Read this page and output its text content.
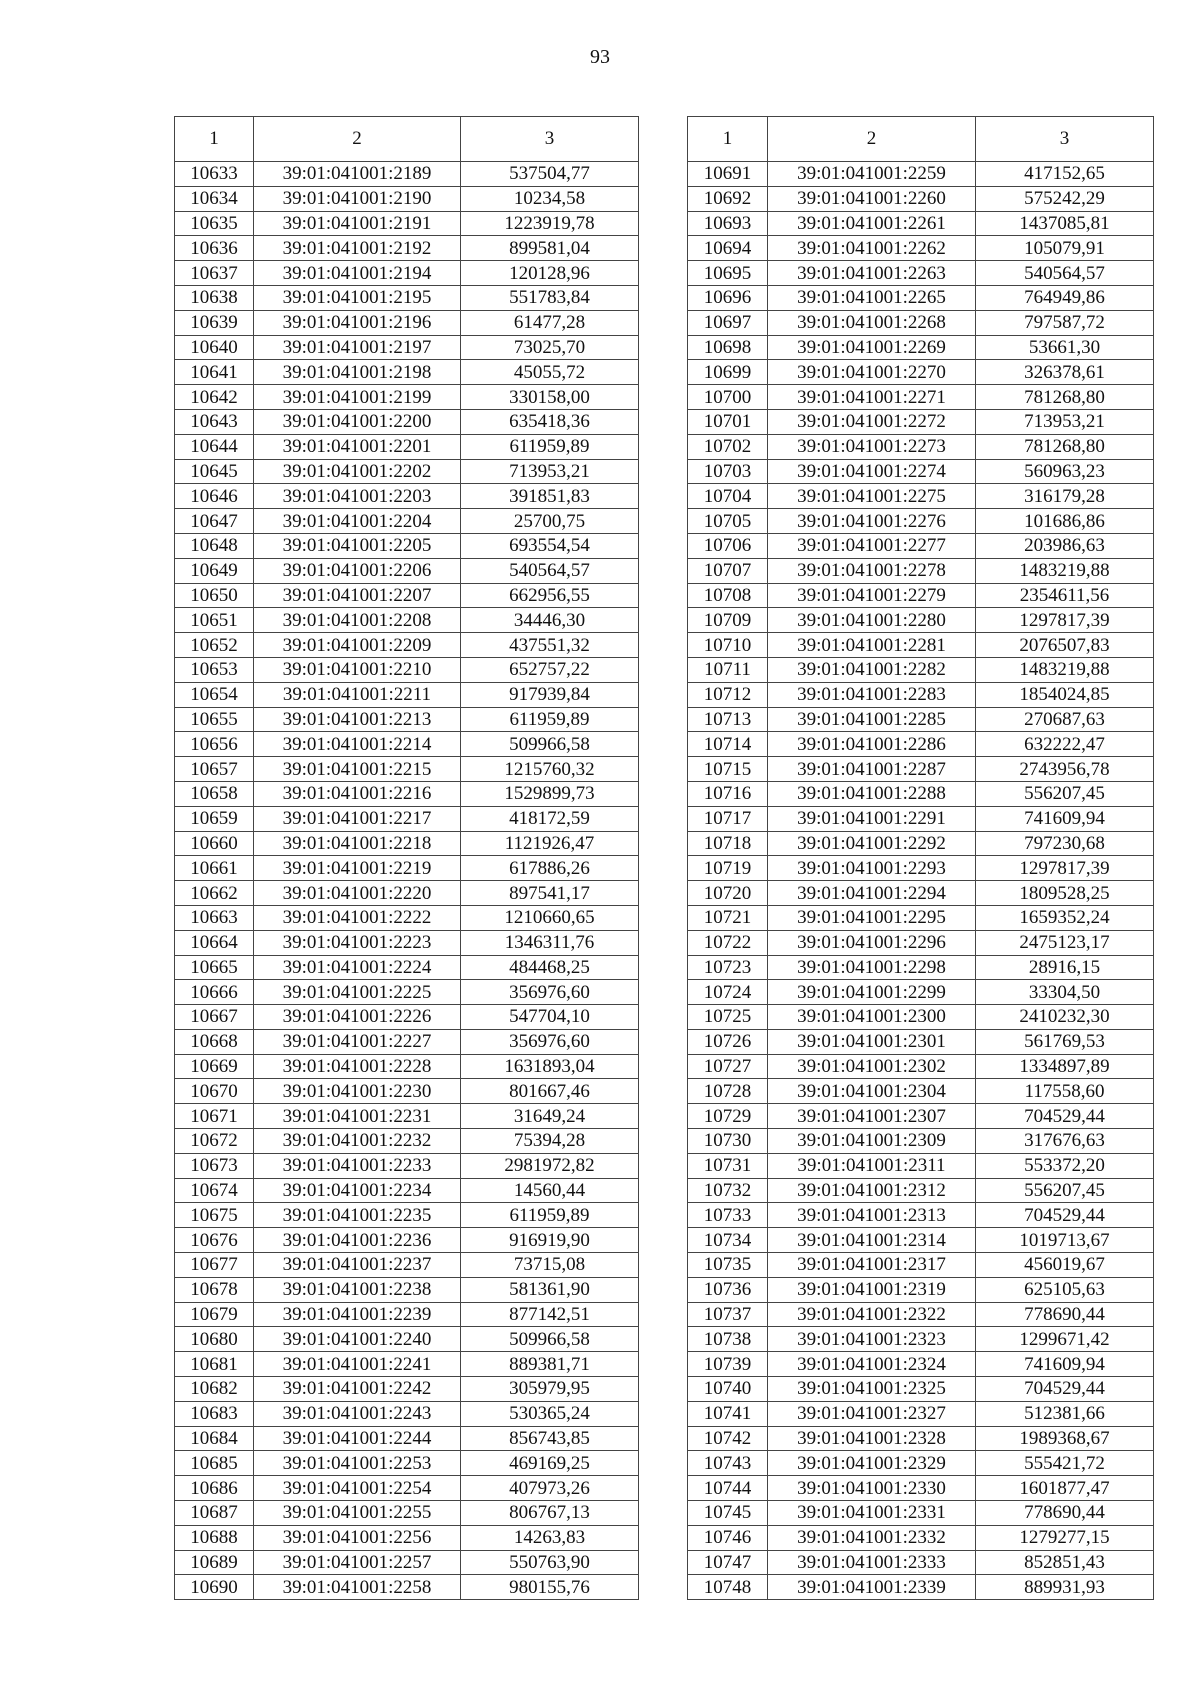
93
1	2	3
10633	39:01:041001:2189	537504,77
10634	39:01:041001:2190	10234,58
10635	39:01:041001:2191	1223919,78
10636	39:01:041001:2192	899581,04
10637	39:01:041001:2194	120128,96
10638	39:01:041001:2195	551783,84
10639	39:01:041001:2196	61477,28
10640	39:01:041001:2197	73025,70
10641	39:01:041001:2198	45055,72
10642	39:01:041001:2199	330158,00
10643	39:01:041001:2200	635418,36
10644	39:01:041001:2201	611959,89
10645	39:01:041001:2202	713953,21
10646	39:01:041001:2203	391851,83
10647	39:01:041001:2204	25700,75
10648	39:01:041001:2205	693554,54
10649	39:01:041001:2206	540564,57
10650	39:01:041001:2207	662956,55
10651	39:01:041001:2208	34446,30
10652	39:01:041001:2209	437551,32
10653	39:01:041001:2210	652757,22
10654	39:01:041001:2211	917939,84
10655	39:01:041001:2213	611959,89
10656	39:01:041001:2214	509966,58
10657	39:01:041001:2215	1215760,32
10658	39:01:041001:2216	1529899,73
10659	39:01:041001:2217	418172,59
10660	39:01:041001:2218	1121926,47
10661	39:01:041001:2219	617886,26
10662	39:01:041001:2220	897541,17
10663	39:01:041001:2222	1210660,65
10664	39:01:041001:2223	1346311,76
10665	39:01:041001:2224	484468,25
10666	39:01:041001:2225	356976,60
10667	39:01:041001:2226	547704,10
10668	39:01:041001:2227	356976,60
10669	39:01:041001:2228	1631893,04
10670	39:01:041001:2230	801667,46
10671	39:01:041001:2231	31649,24
10672	39:01:041001:2232	75394,28
10673	39:01:041001:2233	2981972,82
10674	39:01:041001:2234	14560,44
10675	39:01:041001:2235	611959,89
10676	39:01:041001:2236	916919,90
10677	39:01:041001:2237	73715,08
10678	39:01:041001:2238	581361,90
10679	39:01:041001:2239	877142,51
10680	39:01:041001:2240	509966,58
10681	39:01:041001:2241	889381,71
10682	39:01:041001:2242	305979,95
10683	39:01:041001:2243	530365,24
10684	39:01:041001:2244	856743,85
10685	39:01:041001:2253	469169,25
10686	39:01:041001:2254	407973,26
10687	39:01:041001:2255	806767,13
10688	39:01:041001:2256	14263,83
10689	39:01:041001:2257	550763,90
10690	39:01:041001:2258	980155,76
1	2	3
10691	39:01:041001:2259	417152,65
10692	39:01:041001:2260	575242,29
10693	39:01:041001:2261	1437085,81
10694	39:01:041001:2262	105079,91
10695	39:01:041001:2263	540564,57
10696	39:01:041001:2265	764949,86
10697	39:01:041001:2268	797587,72
10698	39:01:041001:2269	53661,30
10699	39:01:041001:2270	326378,61
10700	39:01:041001:2271	781268,80
10701	39:01:041001:2272	713953,21
10702	39:01:041001:2273	781268,80
10703	39:01:041001:2274	560963,23
10704	39:01:041001:2275	316179,28
10705	39:01:041001:2276	101686,86
10706	39:01:041001:2277	203986,63
10707	39:01:041001:2278	1483219,88
10708	39:01:041001:2279	2354611,56
10709	39:01:041001:2280	1297817,39
10710	39:01:041001:2281	2076507,83
10711	39:01:041001:2282	1483219,88
10712	39:01:041001:2283	1854024,85
10713	39:01:041001:2285	270687,63
10714	39:01:041001:2286	632222,47
10715	39:01:041001:2287	2743956,78
10716	39:01:041001:2288	556207,45
10717	39:01:041001:2291	741609,94
10718	39:01:041001:2292	797230,68
10719	39:01:041001:2293	1297817,39
10720	39:01:041001:2294	1809528,25
10721	39:01:041001:2295	1659352,24
10722	39:01:041001:2296	2475123,17
10723	39:01:041001:2298	28916,15
10724	39:01:041001:2299	33304,50
10725	39:01:041001:2300	2410232,30
10726	39:01:041001:2301	561769,53
10727	39:01:041001:2302	1334897,89
10728	39:01:041001:2304	117558,60
10729	39:01:041001:2307	704529,44
10730	39:01:041001:2309	317676,63
10731	39:01:041001:2311	553372,20
10732	39:01:041001:2312	556207,45
10733	39:01:041001:2313	704529,44
10734	39:01:041001:2314	1019713,67
10735	39:01:041001:2317	456019,67
10736	39:01:041001:2319	625105,63
10737	39:01:041001:2322	778690,44
10738	39:01:041001:2323	1299671,42
10739	39:01:041001:2324	741609,94
10740	39:01:041001:2325	704529,44
10741	39:01:041001:2327	512381,66
10742	39:01:041001:2328	1989368,67
10743	39:01:041001:2329	555421,72
10744	39:01:041001:2330	1601877,47
10745	39:01:041001:2331	778690,44
10746	39:01:041001:2332	1279277,15
10747	39:01:041001:2333	852851,43
10748	39:01:041001:2339	889931,93
